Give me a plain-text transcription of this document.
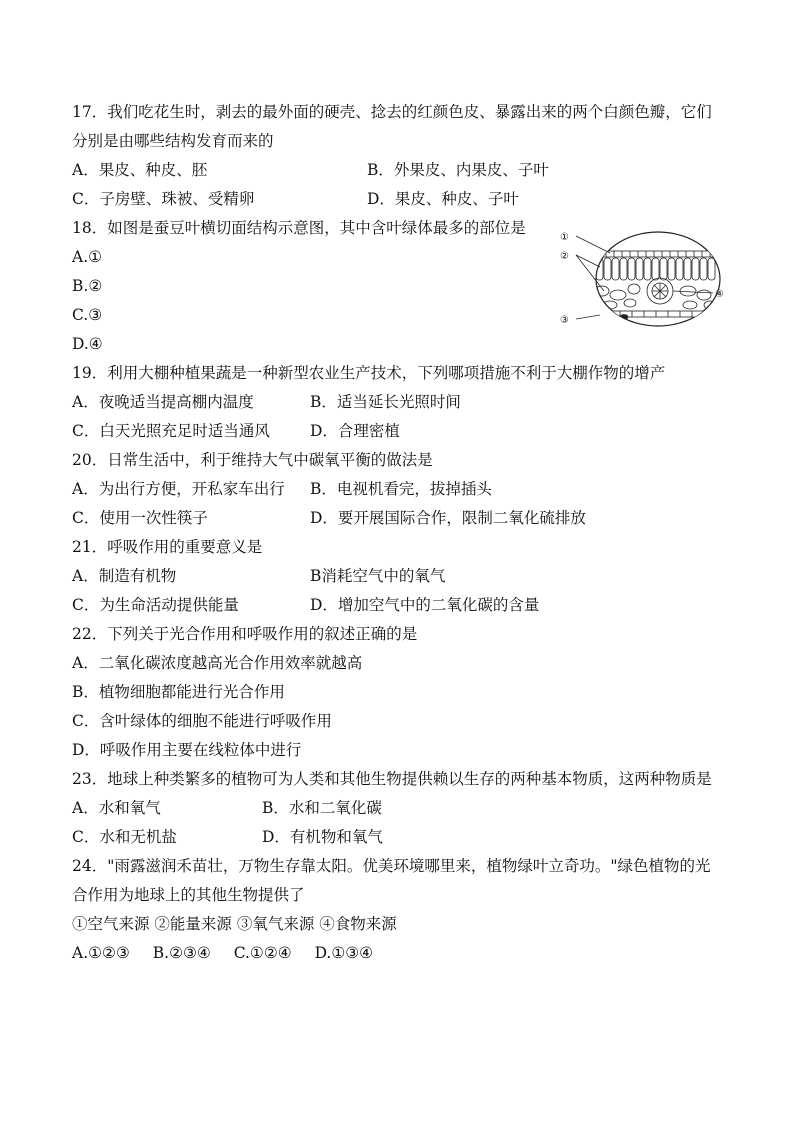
17．我们吃花生时，剥去的最外面的硬壳、捻去的红颜色皮、暴露出来的两个白颜色瓣，它们
分别是由哪些结构发育而来的
A．果皮、种皮、胚	B．外果皮、内果皮、子叶
C．子房壁、珠被、受精卵	D．果皮、种皮、子叶
18．如图是蚕豆叶横切面结构示意图，其中含叶绿体最多的部位是
A.①
B.②
C.③
D.④
19．利用大棚种植果蔬是一种新型农业生产技术，下列哪项措施不利于大棚作物的增产
A．夜晚适当提高棚内温度	B．适当延长光照时间
C．白天光照充足时适当通风	D．合理密植
20．日常生活中，利于维持大气中碳氧平衡的做法是
A．为出行方便，开私家车出行 B．电视机看完，拔掉插头
C．使用一次性筷子	D．要开展国际合作，限制二氧化硫排放
21．呼吸作用的重要意义是
A．制造有机物	B消耗空气中的氧气
C．为生命活动提供能量	D．增加空气中的二氧化碳的含量
22．下列关于光合作用和呼吸作用的叙述正确的是
A．二氧化碳浓度越高光合作用效率就越高
B．植物细胞都能进行光合作用
C．含叶绿体的细胞不能进行呼吸作用
D．呼吸作用主要在线粒体中进行
23．地球上种类繁多的植物可为人类和其他生物提供赖以生存的两种基本物质，这两种物质是
A．水和氧气	B．水和二氧化碳
C．水和无机盐	D．有机物和氧气
24．"雨露滋润禾苗壮，万物生存靠太阳。优美环境哪里来，植物绿叶立奇功。"绿色植物的光
合作用为地球上的其他生物提供了
①空气来源 ②能量来源 ③氧气来源 ④食物来源
A.①②③ B.②③④ C.①②④ D.①③④
①
②
③
④
